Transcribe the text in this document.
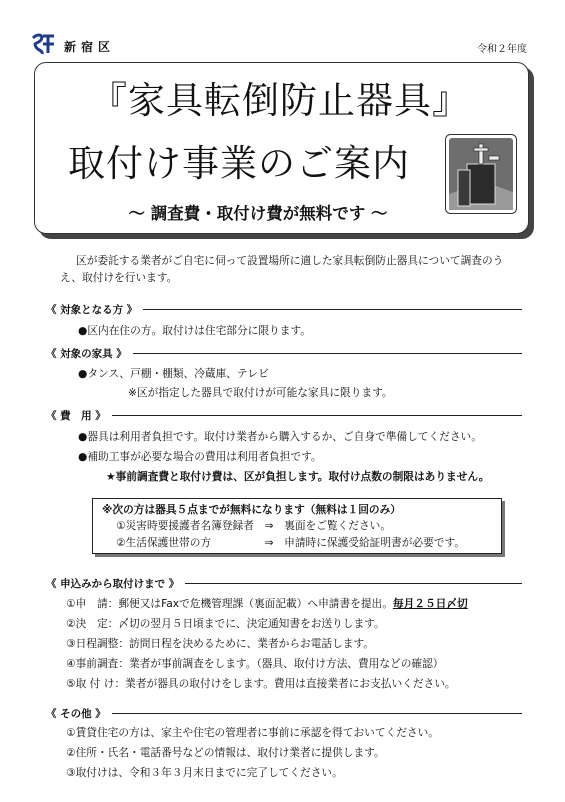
新宿区	令和２年度
『家具転倒防止器具』
取付け事業のご案内
〜 調査費・取付け費が無料です 〜
区が委託する業者がご自宅に伺って設置場所に適した家具転倒防止器具について調査のうえ、取付けを行います。
《 対象となる方 》
●区内在住の方。取付けは住宅部分に限ります。
《 対象の家具 》
●タンス、戸棚・棚類、冷蔵庫、テレビ
※区が指定した器具で取付けが可能な家具に限ります。
《 費　用 》
●器具は利用者負担です。取付け業者から購入するか、ご自身で準備してください。
●補助工事が必要な場合の費用は利用者負担です。
★事前調査費と取付け費は、区が負担します。取付け点数の制限はありません。
※次の方は器具５点までが無料になります（無料は１回のみ）
①災害時要援護者名簿登録者　⇒　裏面をご覧ください。
②生活保護世帯の方　　　　　⇒　申請時に保護受給証明書が必要です。
《 申込みから取付けまで 》
①申　請：郵便又はFaxで危機管理課（裏面記載）へ申請書を提出。毎月２５日〆切
②決　定：〆切の翌月５日頃までに、決定通知書をお送りします。
③日程調整：訪問日程を決めるために、業者からお電話します。
④事前調査：業者が事前調査をします。（器具、取付け方法、費用などの確認）
⑤取 付 け：業者が器具の取付けをします。費用は直接業者にお支払いください。
《 その他 》
①賃貸住宅の方は、家主や住宅の管理者に事前に承認を得ておいてください。
②住所・氏名・電話番号などの情報は、取付け業者に提供します。
③取付けは、令和３年３月末日までに完了してください。
